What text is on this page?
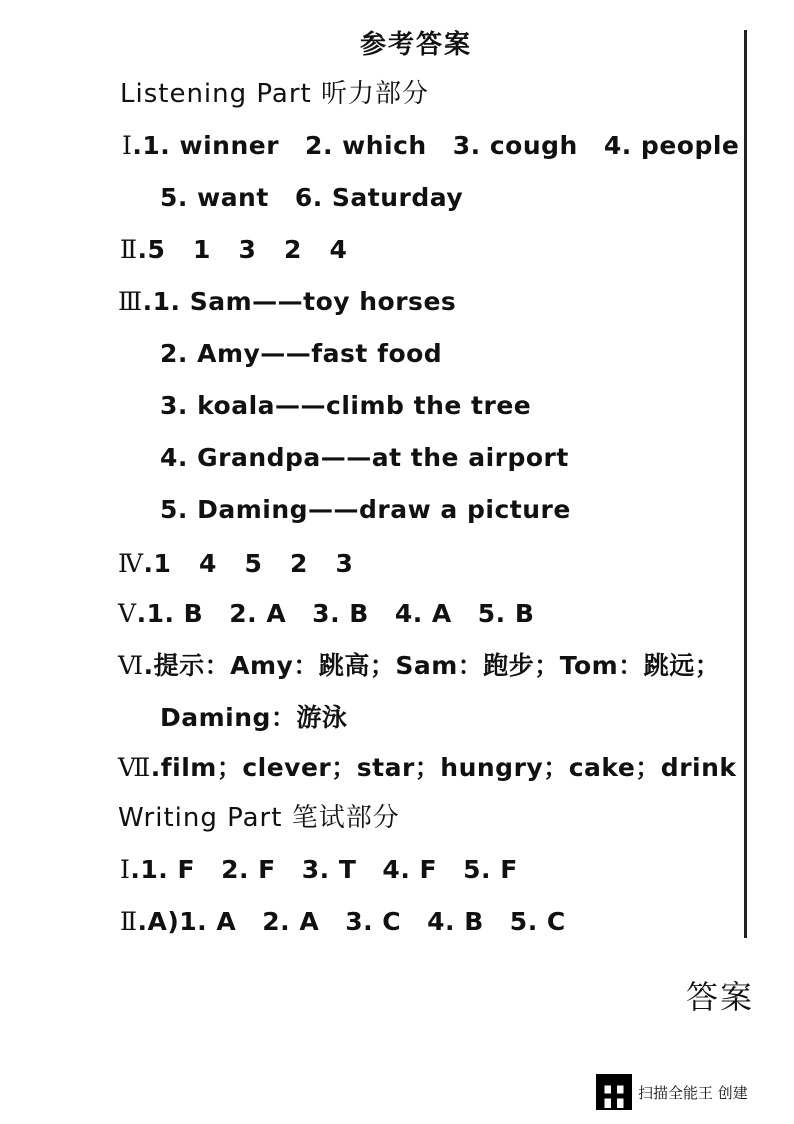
参考答案
Listening Part 听力部分
Ⅰ.1. winner 2. which 3. cough 4. people
5. want 6. Saturday
Ⅱ.5   1   3   2   4
Ⅲ.1. Sam——toy horses
2. Amy——fast food
3. koala——climb the tree
4. Grandpa——at the airport
5. Daming——draw a picture
Ⅳ.1   4   5   2   3
Ⅴ.1. B 2. A 3. B 4. A 5. B
Ⅵ.提示：Amy：跳高；Sam：跑步；Tom：跳远；
Daming：游泳
Ⅶ.film；clever；star；hungry；cake；drink
Writing Part 笔试部分
Ⅰ.1. F 2. F 3. T 4. F 5. F
Ⅱ.A)1. A 2. A 3. C 4. B 5. C
答案
扫描全能王 创建
